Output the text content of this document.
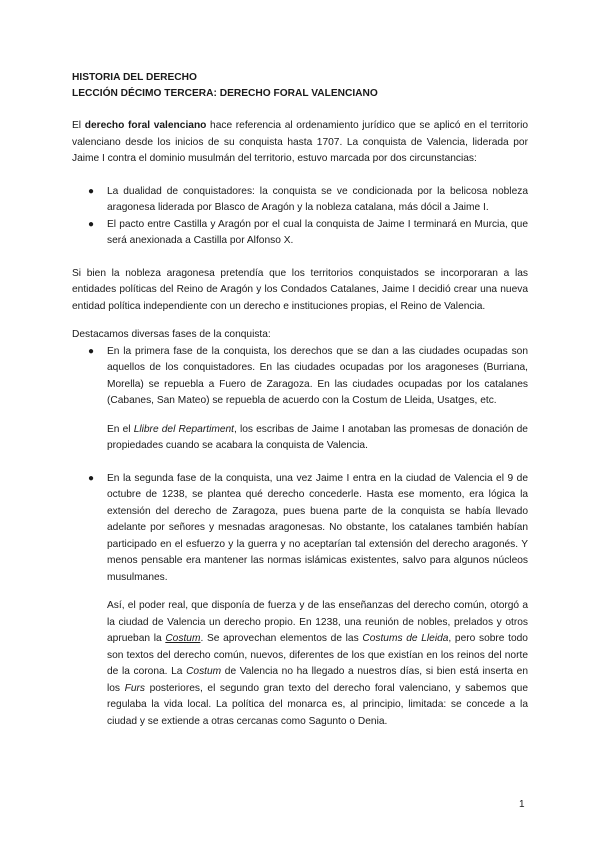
HISTORIA DEL DERECHO
LECCIÓN DÉCIMO TERCERA: DERECHO FORAL VALENCIANO

El derecho foral valenciano hace referencia al ordenamiento jurídico que se aplicó en el territorio valenciano desde los inicios de su conquista hasta 1707. La conquista de Valencia, liderada por Jaime I contra el dominio musulmán del territorio, estuvo marcada por dos circunstancias:

● La dualidad de conquistadores: la conquista se ve condicionada por la belicosa nobleza aragonesa liderada por Blasco de Aragón y la nobleza catalana, más dócil a Jaime I.
● El pacto entre Castilla y Aragón por el cual la conquista de Jaime I terminará en Murcia, que será anexionada a Castilla por Alfonso X.

Si bien la nobleza aragonesa pretendía que los territorios conquistados se incorporaran a las entidades políticas del Reino de Aragón y los Condados Catalanes, Jaime I decidió crear una nueva entidad política independiente con un derecho e instituciones propias, el Reino de Valencia.

Destacamos diversas fases de la conquista:

● En la primera fase de la conquista, los derechos que se dan a las ciudades ocupadas son aquellos de los conquistadores. En las ciudades ocupadas por los aragoneses (Burriana, Morella) se repuebla a Fuero de Zaragoza. En las ciudades ocupadas por los catalanes (Cabanes, San Mateo) se repuebla de acuerdo con la Costum de Lleida, Usatges, etc.

En el Llibre del Repartiment, los escribas de Jaime I anotaban las promesas de donación de propiedades cuando se acabara la conquista de Valencia.

● En la segunda fase de la conquista, una vez Jaime I entra en la ciudad de Valencia el 9 de octubre de 1238, se plantea qué derecho concederle. Hasta ese momento, era lógica la extensión del derecho de Zaragoza, pues buena parte de la conquista se había llevado adelante por señores y mesnadas aragonesas. No obstante, los catalanes también habían participado en el esfuerzo y la guerra y no aceptarían tal extensión del derecho aragonés. Y menos pensable era mantener las normas islámicas existentes, salvo para algunos núcleos musulmanes.

Así, el poder real, que disponía de fuerza y de las enseñanzas del derecho común, otorgó a la ciudad de Valencia un derecho propio. En 1238, una reunión de nobles, prelados y otros aprueban la Costum. Se aprovechan elementos de las Costums de Lleida, pero sobre todo son textos del derecho común, nuevos, diferentes de los que existían en los reinos del norte de la corona. La Costum de Valencia no ha llegado a nuestros días, si bien está inserta en los Furs posteriores, el segundo gran texto del derecho foral valenciano, y sabemos que regulaba la vida local. La política del monarca es, al principio, limitada: se concede a la ciudad y se extiende a otras cercanas como Sagunto o Denia.

1
